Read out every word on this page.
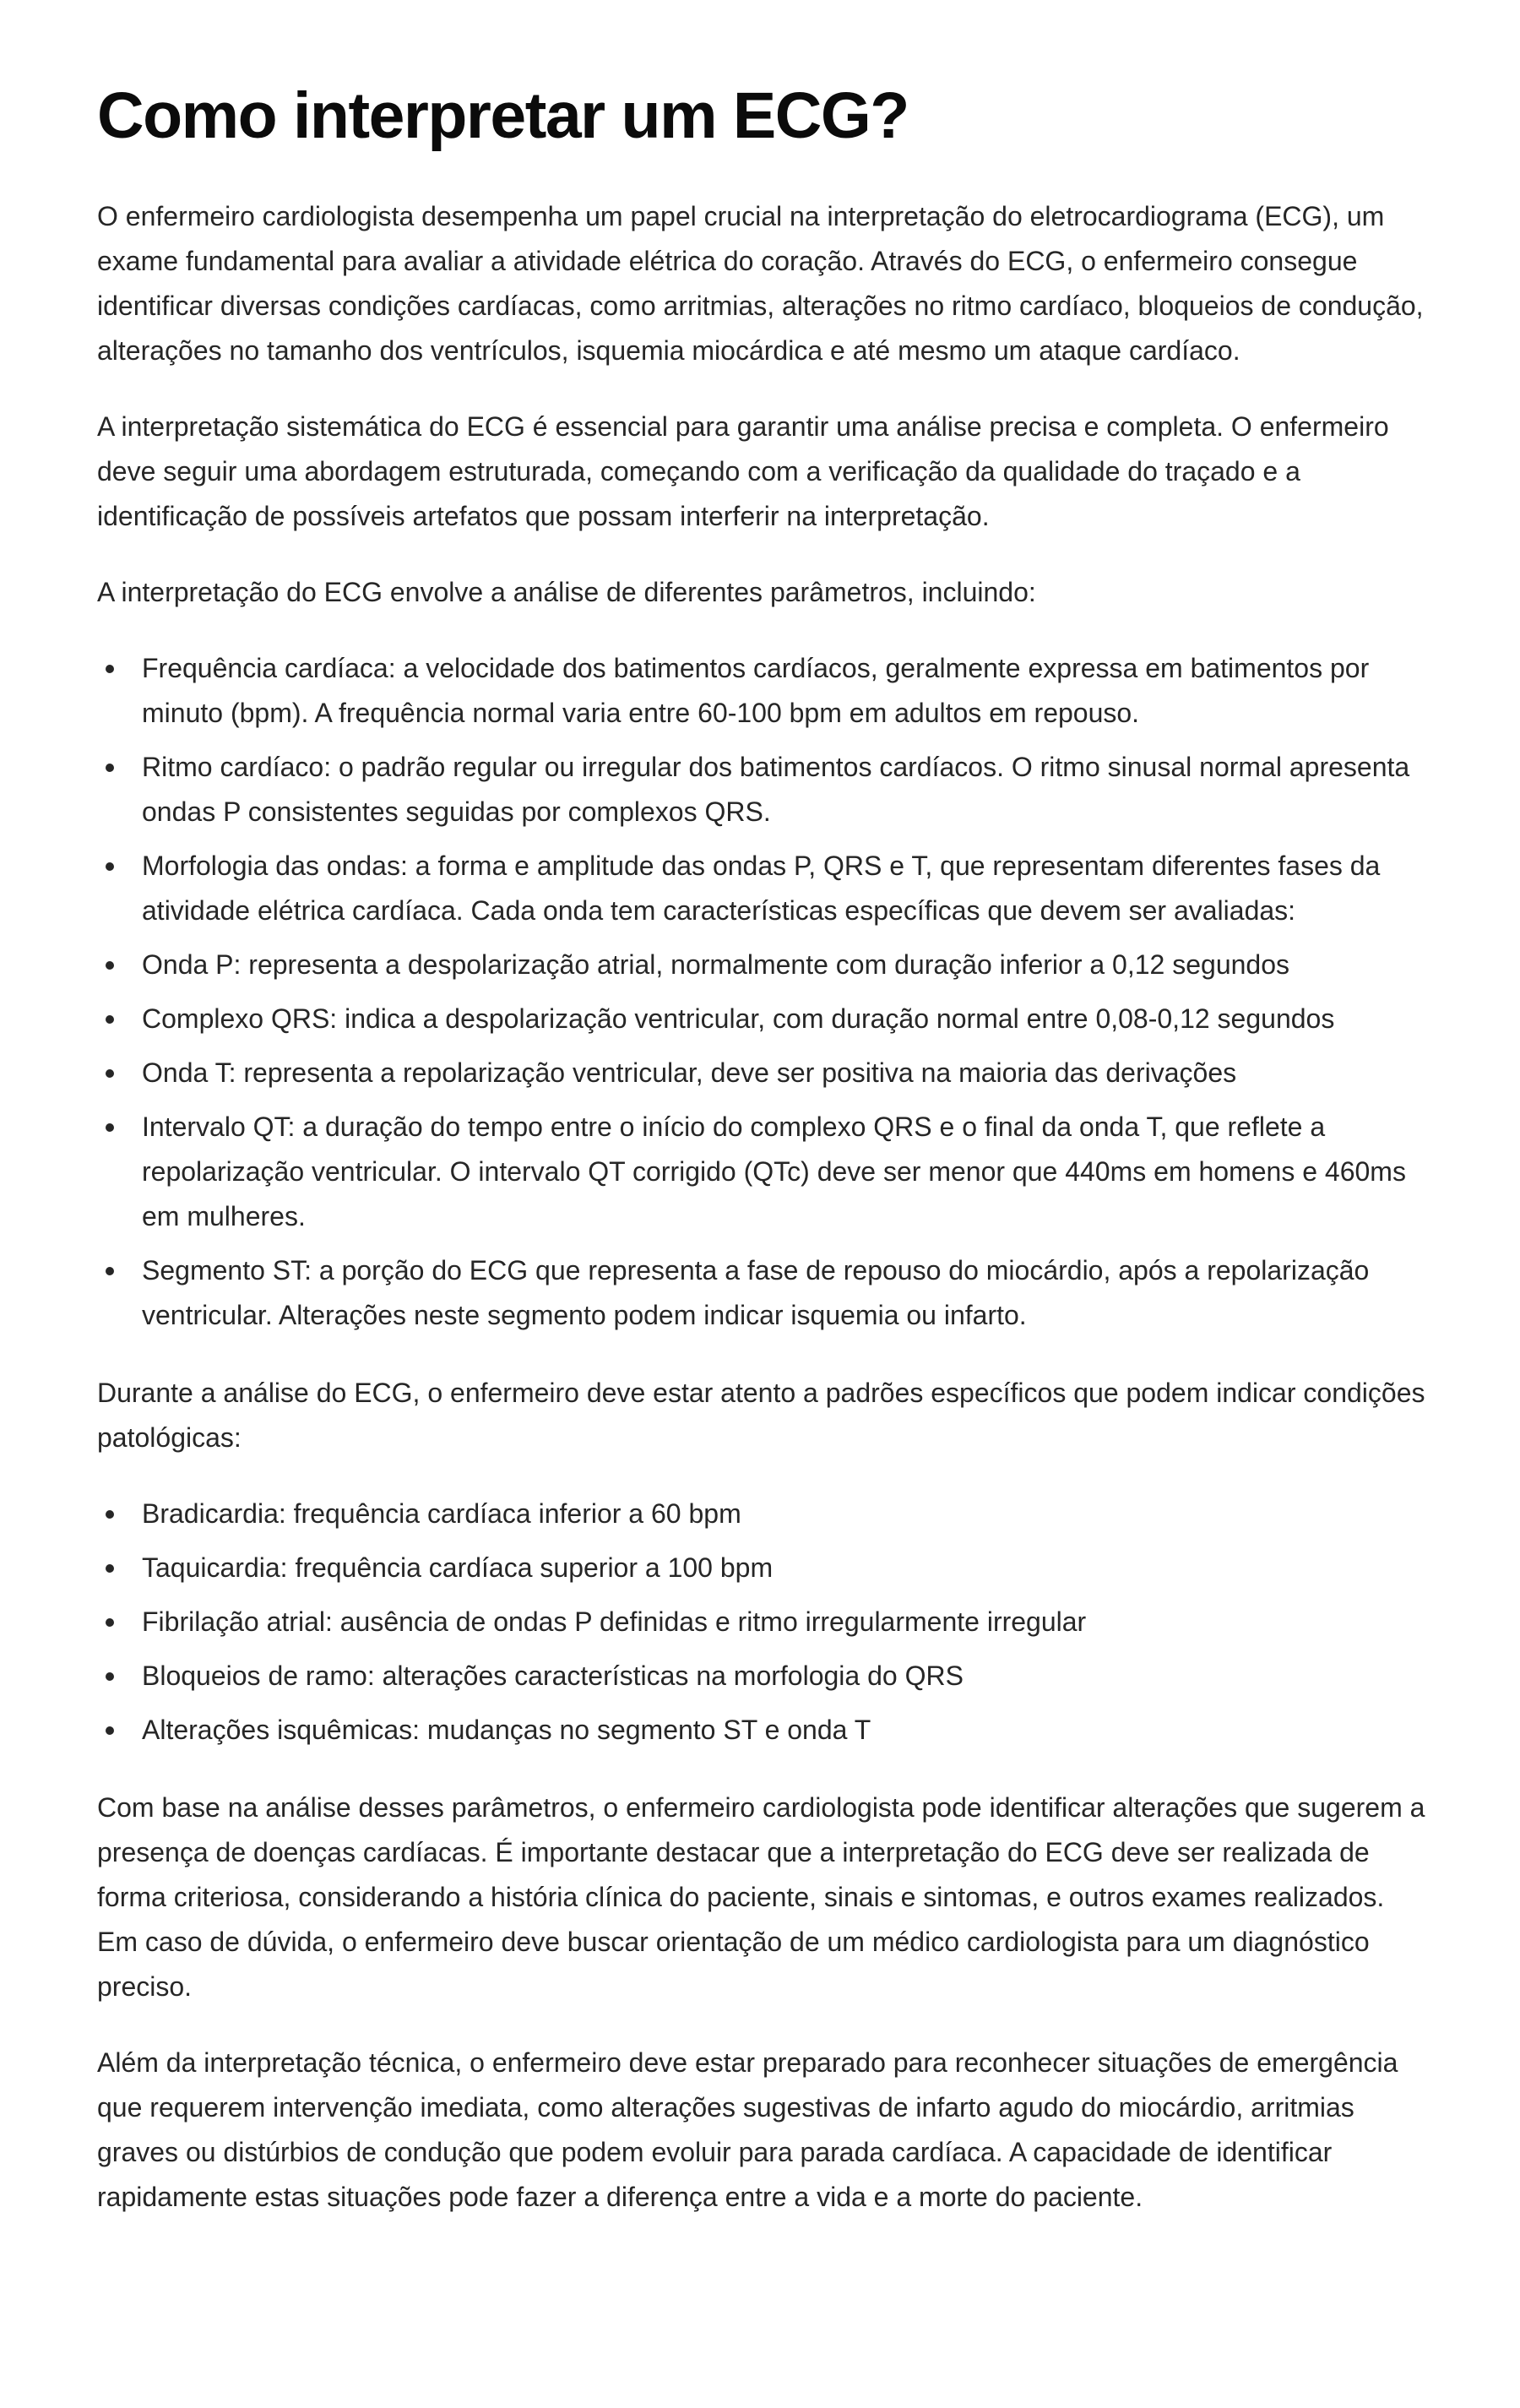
Como interpretar um ECG?

O enfermeiro cardiologista desempenha um papel crucial na interpretação do eletrocardiograma (ECG), um exame fundamental para avaliar a atividade elétrica do coração. Através do ECG, o enfermeiro consegue identificar diversas condições cardíacas, como arritmias, alterações no ritmo cardíaco, bloqueios de condução, alterações no tamanho dos ventrículos, isquemia miocárdica e até mesmo um ataque cardíaco.

A interpretação sistemática do ECG é essencial para garantir uma análise precisa e completa. O enfermeiro deve seguir uma abordagem estruturada, começando com a verificação da qualidade do traçado e a identificação de possíveis artefatos que possam interferir na interpretação.

A interpretação do ECG envolve a análise de diferentes parâmetros, incluindo:

Frequência cardíaca: a velocidade dos batimentos cardíacos, geralmente expressa em batimentos por minuto (bpm). A frequência normal varia entre 60-100 bpm em adultos em repouso.
Ritmo cardíaco: o padrão regular ou irregular dos batimentos cardíacos. O ritmo sinusal normal apresenta ondas P consistentes seguidas por complexos QRS.
Morfologia das ondas: a forma e amplitude das ondas P, QRS e T, que representam diferentes fases da atividade elétrica cardíaca. Cada onda tem características específicas que devem ser avaliadas:
Onda P: representa a despolarização atrial, normalmente com duração inferior a 0,12 segundos
Complexo QRS: indica a despolarização ventricular, com duração normal entre 0,08-0,12 segundos
Onda T: representa a repolarização ventricular, deve ser positiva na maioria das derivações
Intervalo QT: a duração do tempo entre o início do complexo QRS e o final da onda T, que reflete a repolarização ventricular. O intervalo QT corrigido (QTc) deve ser menor que 440ms em homens e 460ms em mulheres.
Segmento ST: a porção do ECG que representa a fase de repouso do miocárdio, após a repolarização ventricular. Alterações neste segmento podem indicar isquemia ou infarto.

Durante a análise do ECG, o enfermeiro deve estar atento a padrões específicos que podem indicar condições patológicas:

Bradicardia: frequência cardíaca inferior a 60 bpm
Taquicardia: frequência cardíaca superior a 100 bpm
Fibrilação atrial: ausência de ondas P definidas e ritmo irregularmente irregular
Bloqueios de ramo: alterações características na morfologia do QRS
Alterações isquêmicas: mudanças no segmento ST e onda T

Com base na análise desses parâmetros, o enfermeiro cardiologista pode identificar alterações que sugerem a presença de doenças cardíacas. É importante destacar que a interpretação do ECG deve ser realizada de forma criteriosa, considerando a história clínica do paciente, sinais e sintomas, e outros exames realizados. Em caso de dúvida, o enfermeiro deve buscar orientação de um médico cardiologista para um diagnóstico preciso.

Além da interpretação técnica, o enfermeiro deve estar preparado para reconhecer situações de emergência que requerem intervenção imediata, como alterações sugestivas de infarto agudo do miocárdio, arritmias graves ou distúrbios de condução que podem evoluir para parada cardíaca. A capacidade de identificar rapidamente estas situações pode fazer a diferença entre a vida e a morte do paciente.
